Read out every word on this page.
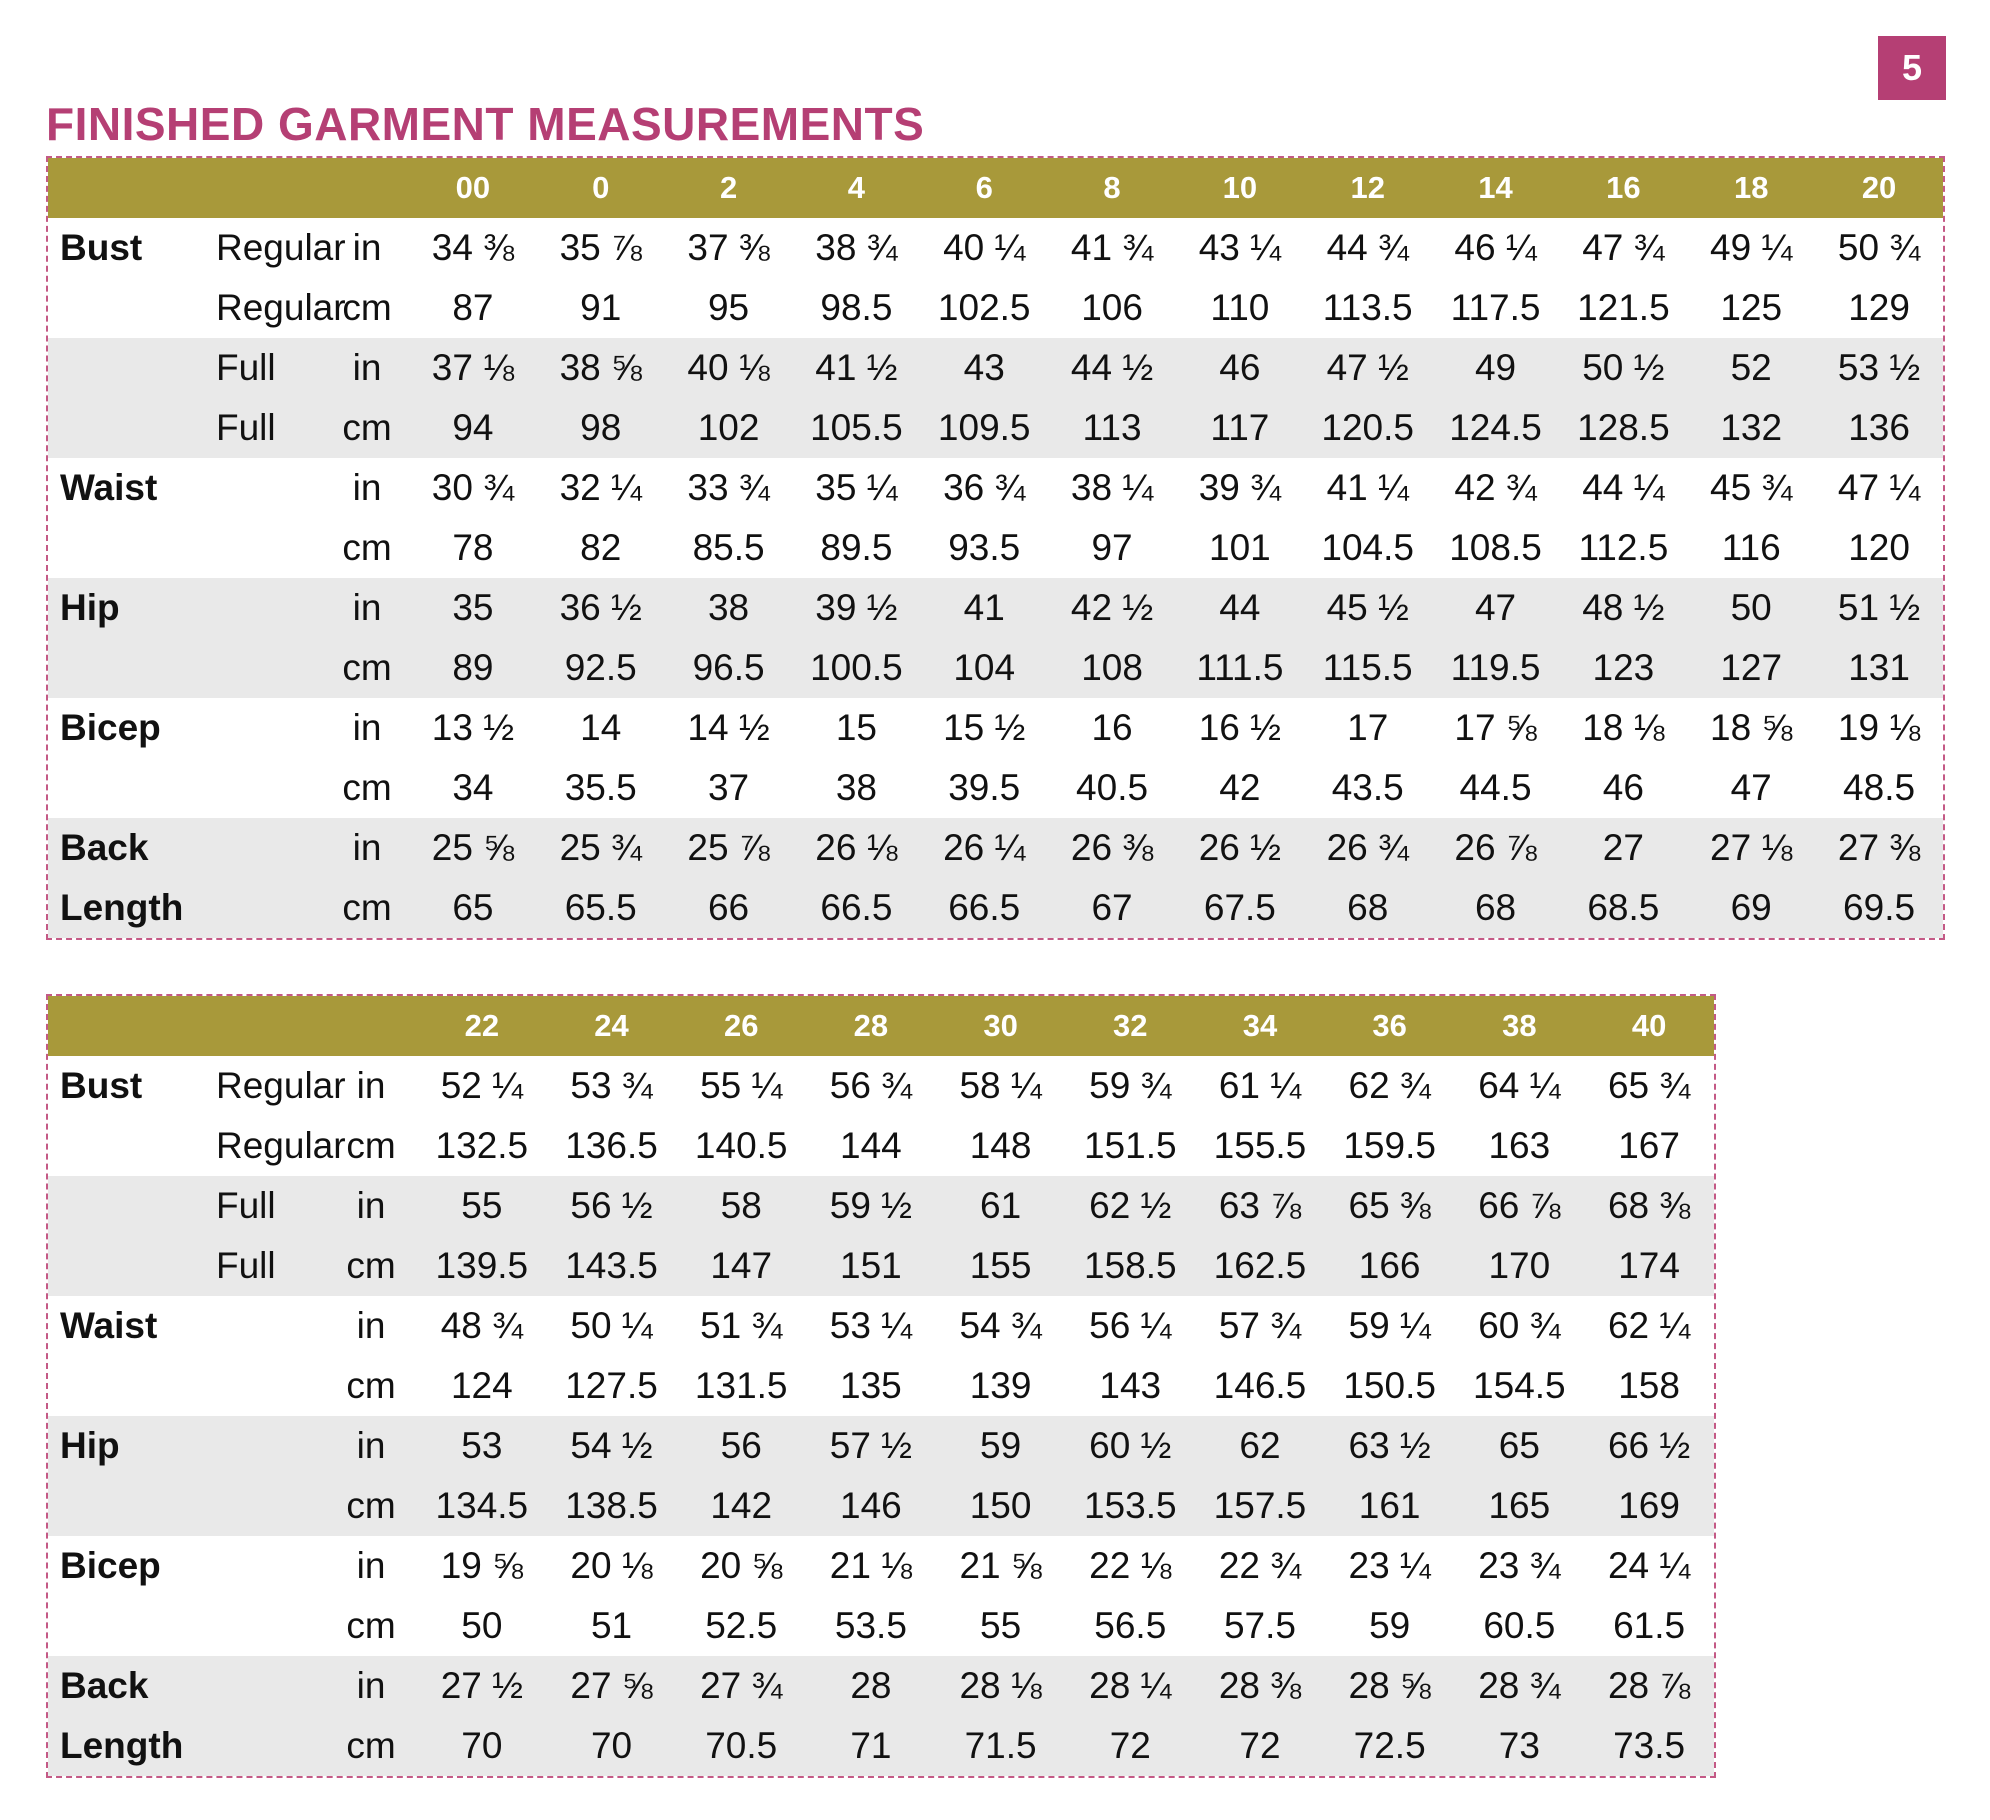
5
FINISHED GARMENT MEASUREMENTS
			00	0	2	4	6	8	10	12	14	16	18	20
Bust	Regular	in	34 ⅜	35 ⅞	37 ⅜	38 ¾	40 ¼	41 ¾	43 ¼	44 ¾	46 ¼	47 ¾	49 ¼	50 ¾
	Regular	cm	87	91	95	98.5	102.5	106	110	113.5	117.5	121.5	125	129
	Full	in	37 ⅛	38 ⅝	40 ⅛	41 ½	43	44 ½	46	47 ½	49	50 ½	52	53 ½
	Full	cm	94	98	102	105.5	109.5	113	117	120.5	124.5	128.5	132	136
Waist		in	30 ¾	32 ¼	33 ¾	35 ¼	36 ¾	38 ¼	39 ¾	41 ¼	42 ¾	44 ¼	45 ¾	47 ¼
		cm	78	82	85.5	89.5	93.5	97	101	104.5	108.5	112.5	116	120
Hip		in	35	36 ½	38	39 ½	41	42 ½	44	45 ½	47	48 ½	50	51 ½
		cm	89	92.5	96.5	100.5	104	108	111.5	115.5	119.5	123	127	131
Bicep		in	13 ½	14	14 ½	15	15 ½	16	16 ½	17	17 ⅝	18 ⅛	18 ⅝	19 ⅛
		cm	34	35.5	37	38	39.5	40.5	42	43.5	44.5	46	47	48.5
Back		in	25 ⅝	25 ¾	25 ⅞	26 ⅛	26 ¼	26 ⅜	26 ½	26 ¾	26 ⅞	27	27 ⅛	27 ⅜
Length		cm	65	65.5	66	66.5	66.5	67	67.5	68	68	68.5	69	69.5
			22	24	26	28	30	32	34	36	38	40
Bust	Regular	in	52 ¼	53 ¾	55 ¼	56 ¾	58 ¼	59 ¾	61 ¼	62 ¾	64 ¼	65 ¾
	Regular	cm	132.5	136.5	140.5	144	148	151.5	155.5	159.5	163	167
	Full	in	55	56 ½	58	59 ½	61	62 ½	63 ⅞	65 ⅜	66 ⅞	68 ⅜
	Full	cm	139.5	143.5	147	151	155	158.5	162.5	166	170	174
Waist		in	48 ¾	50 ¼	51 ¾	53 ¼	54 ¾	56 ¼	57 ¾	59 ¼	60 ¾	62 ¼
		cm	124	127.5	131.5	135	139	143	146.5	150.5	154.5	158
Hip		in	53	54 ½	56	57 ½	59	60 ½	62	63 ½	65	66 ½
		cm	134.5	138.5	142	146	150	153.5	157.5	161	165	169
Bicep		in	19 ⅝	20 ⅛	20 ⅝	21 ⅛	21 ⅝	22 ⅛	22 ¾	23 ¼	23 ¾	24 ¼
		cm	50	51	52.5	53.5	55	56.5	57.5	59	60.5	61.5
Back		in	27 ½	27 ⅝	27 ¾	28	28 ⅛	28 ¼	28 ⅜	28 ⅝	28 ¾	28 ⅞
Length		cm	70	70	70.5	71	71.5	72	72	72.5	73	73.5
